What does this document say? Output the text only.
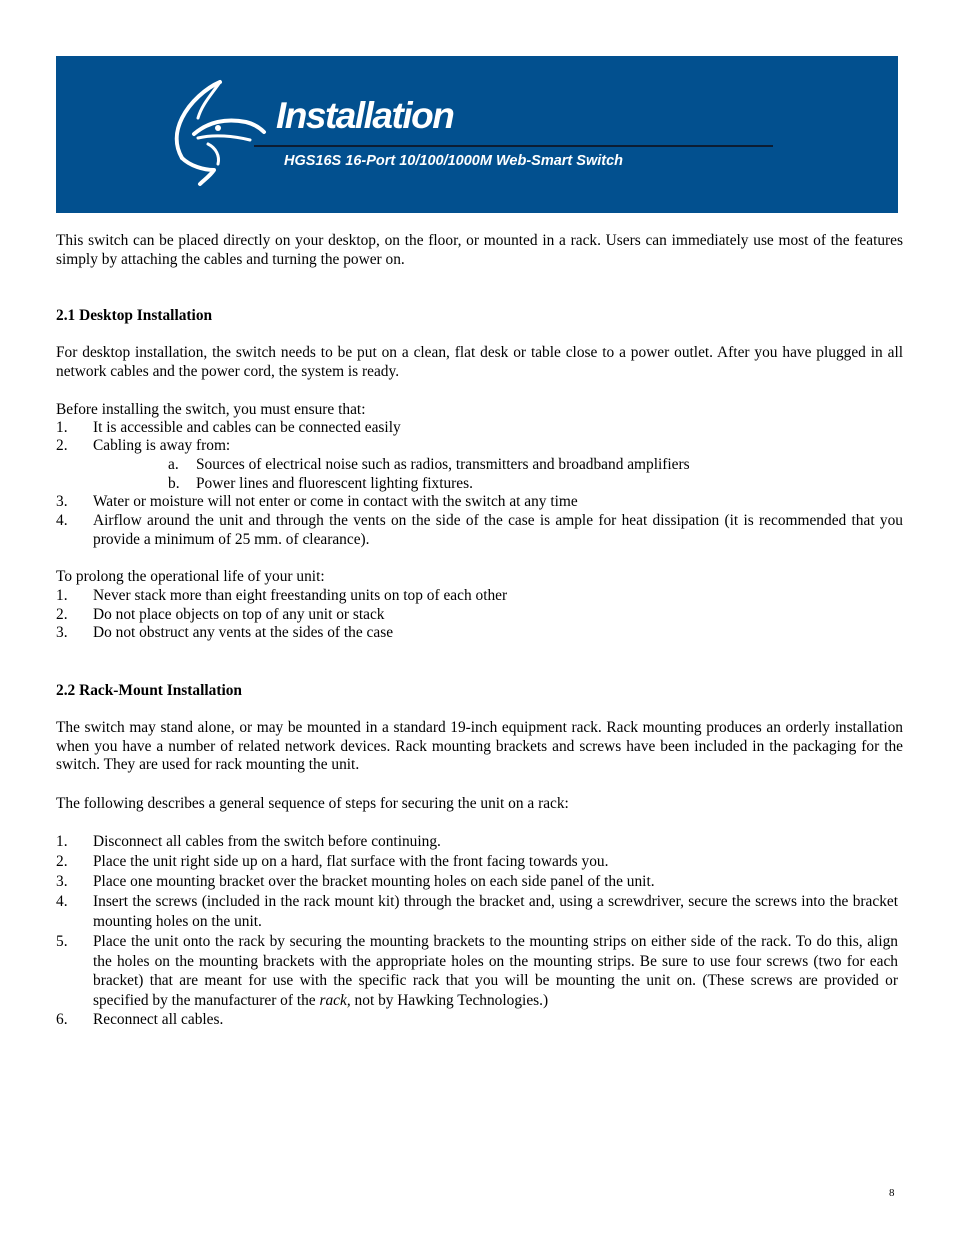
Installation
HGS16S 16-Port 10/100/1000M Web-Smart Switch

This switch can be placed directly on your desktop, on the floor, or mounted in a rack. Users can immediately use most of the features simply by attaching the cables and turning the power on.

2.1 Desktop Installation

For desktop installation, the switch needs to be put on a clean, flat desk or table close to a power outlet. After you have plugged in all network cables and the power cord, the system is ready.

Before installing the switch, you must ensure that:

1. It is accessible and cables can be connected easily
2. Cabling is away from:
a. Sources of electrical noise such as radios, transmitters and broadband amplifiers
b. Power lines and fluorescent lighting fixtures.
3. Water or moisture will not enter or come in contact with the switch at any time
4. Airflow around the unit and through the vents on the side of the case is ample for heat dissipation (it is recommended that you provide a minimum of 25 mm. of clearance).

To prolong the operational life of your unit:

1. Never stack more than eight freestanding units on top of each other
2. Do not place objects on top of any unit or stack
3. Do not obstruct any vents at the sides of the case

2.2 Rack-Mount Installation

The switch may stand alone, or may be mounted in a standard 19-inch equipment rack. Rack mounting produces an orderly installation when you have a number of related network devices. Rack mounting brackets and screws have been included in the packaging for the switch. They are used for rack mounting the unit.

The following describes a general sequence of steps for securing the unit on a rack:

1. Disconnect all cables from the switch before continuing.
2. Place the unit right side up on a hard, flat surface with the front facing towards you.
3. Place one mounting bracket over the bracket mounting holes on each side panel of the unit.
4. Insert the screws (included in the rack mount kit) through the bracket and, using a screwdriver, secure the screws into the bracket mounting holes on the unit.
5. Place the unit onto the rack by securing the mounting brackets to the mounting strips on either side of the rack. To do this, align the holes on the mounting brackets with the appropriate holes on the mounting strips. Be sure to use four screws (two for each bracket) that are meant for use with the specific rack that you will be mounting the unit on. (These screws are provided or specified by the manufacturer of the rack, not by Hawking Technologies.)
6. Reconnect all cables.
8
